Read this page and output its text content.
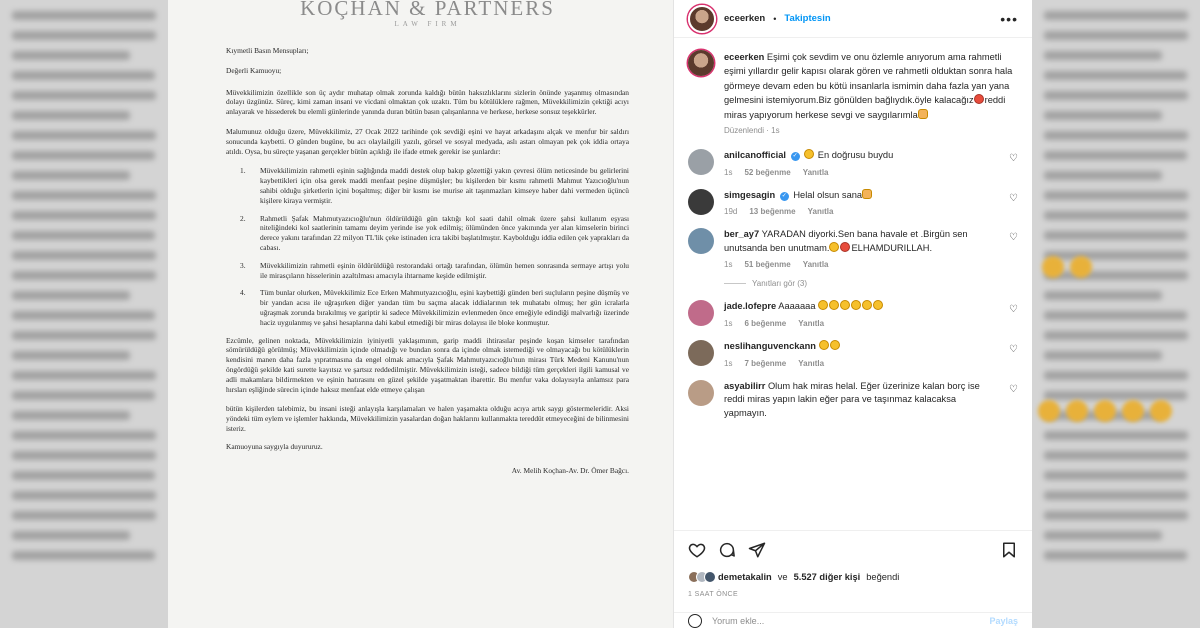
KOÇHAN & PARTNERS
LAW FIRM

Kıymetli Basın Mensupları;

Değerli Kamuoyu;

Müvekkilimizin özellikle son üç aydır muhatap olmak zorunda kaldığı bütün haksızlıklarını sizlerin önünde yaşanmış olmasından dolayı üzgünüz. Süreç, kimi zaman insani ve vicdani olmaktan çok uzaktı. Tüm bu kötülüklere rağmen, Müvekkilimizin çektiği acıyı anlayarak ve hissederek bu elemli günlerinde yanında duran bütün basın çalışanlarına ve herkese, herkese sonsuz teşekkürler.

Malumunuz olduğu üzere, Müvekkilimiz, 27 Ocak 2022 tarihinde çok sevdiği eşini ve hayat arkadaşını alçak ve menfur bir saldırı sonucunda kaybetti. O günden bugüne, bu acı olaylailgili yazılı, görsel ve sosyal medyada, aslı astarı olmayan pek çok iddia ortaya atıldı. Oysa, bu süreçte yaşanan gerçekler bütün açıklığı ile ifade etmek gerekir ise şunlardır:

1.	Müvekkilimizin rahmetli eşinin sağlığında maddi destek olup bakıp gözettiği yakın çevresi ölüm neticesinde bu gelirlerini kaybettikleri için olsa gerek maddi menfaat peşine düşmüşler; bu kişilerden bir kısmı rahmetli Mahmut Yazıcıoğlu'nun sahibi olduğu şirketlerin içini boşaltmış; diğer bir kısmı ise murise ait taşınmazları kimseye haber dahi vermeden üçüncü kişilere kiraya vermiştir.
2.	Rahmetli Şafak Mahmutyazıcıoğlu'nun öldürüldüğü gün taktığı kol saati dahil olmak üzere şahsi kullanım eşyası niteliğindeki kol saatlerinin tamamı deyim yerinde ise yok edilmiş; ölümünden önce yakınında yer alan kimselerin birinci derece yakını tarafından 22 milyon TL'lik çeke istinaden icra takibi başlatılmıştır. Kaybolduğu iddia edilen çek yaprakları da cabası.
3.	Müvekkilimizin rahmetli eşinin öldürüldüğü restorandaki ortağı tarafından, ölümün hemen sonrasında sermaye artışı yolu ile mirasçıların hisselerinin azaltılması amacıyla ihtarname keşide edilmiştir.
4.	Tüm bunlar olurken, Müvekkilimiz Ece Erken Mahmutyazıcıoğlu, eşini kaybettiği günden beri suçluların peşine düşmüş ve bir yandan acısı ile uğraşırken diğer yandan tüm bu saçma alacak iddialarının tek muhatabı olmuş; her gün icralarla uğraşmak zorunda bırakılmış ve gariptir ki sadece Müvekkilimizin evlenmeden önce emeğiyle edindiği malvarlığı üzerinde haciz uygulanmış ve şahsi hesaplarına dahi kabul etmediği bir miras dolayısı ile bloke konmuştur.

Ezcümle, gelinen noktada, Müvekkilimizin iyiniyetli yaklaşımının, garip maddi ihtirasılar peşinde koşan kimseler tarafından sömürüldüğü görülmüş; Müvekkilimizin içinde olmadığı ve bundan sonra da içinde olmak istemediği ve olmayacağı bu kötülüklerin kendisini manen daha fazla yıpratmasına da engel olmak amacıyla Şafak Mahmutyazıcıoğlu'nun mirası Türk Medeni Kanunu'nun öngördüğü şekilde kati surette kayıtsız ve şartsız reddedilmiştir. Müvekkilimizin isteği, sadece bildiği tüm gerçekleri ilgili kamusal ve adli makamlara bildirmekten ve eşinin hatırasını en güzel şekilde yaşatmaktan ibarettir. Bu menfur vaka dolayısıyla anlamsız para hırsları eşliğinde sürecin içinde haksız menfaat elde etmeye çalışan

bütün kişilerden talebimiz, bu insani isteği anlayışla karşılamaları ve halen yaşamakta olduğu acıya artık saygı göstermeleridir. Aksi yöndeki tüm eylem ve işlemler hakkında, Müvekkilimizin yasalardan doğan haklarını kullanmakta tereddüt etmeyeceğini de bilinmesini isteriz.

Kamuoyuna saygıyla duyururuz.

Av. Melih Koçhan-Av. Dr. Ömer Bağcı.
eceerken • Takiptesin	•••
eceerken Eşimi çok sevdim ve onu özlemle anıyorum ama rahmetli eşimi yıllardır gelir kapısı olarak gören ve rahmetli olduktan sonra hala görmeye devam eden bu kötü insanlarla ismimin daha fazla yan yana gelmesini istemiyorum.Biz gönülden bağlıydık.öyle kalacağız reddi miras yapıyorum herkese sevgi ve saygılarımla
Düzenlendi · 1s
anilcanofficial ✓ En doğrusu buydu
1s 52 beğenme Yanıtla
♡
simgesagin ✓ Helal olsun sana
19d 13 beğenme Yanıtla
♡
ber_ay7 YARADAN diyorki.Sen bana havale et .Birgün sen unutsanda ben unutmam. ELHAMDURILLAH.
1s 51 beğenme Yanıtla
♡
Yanıtları gör (3)
jade.lofepre Aaaaaaa
1s 6 beğenme Yanıtla
♡
neslihanguvenckann
1s 7 beğenme Yanıtla
♡
asyabilirr Olum hak miras helal. Eğer üzerinize kalan borç ise reddi miras yapın lakin eğer para ve taşınmaz kalacaksa yapmayın.
♡
demetakalin ve 5.527 diğer kişi beğendi
1 SAAT ÖNCE
Yorum ekle...	Paylaş
